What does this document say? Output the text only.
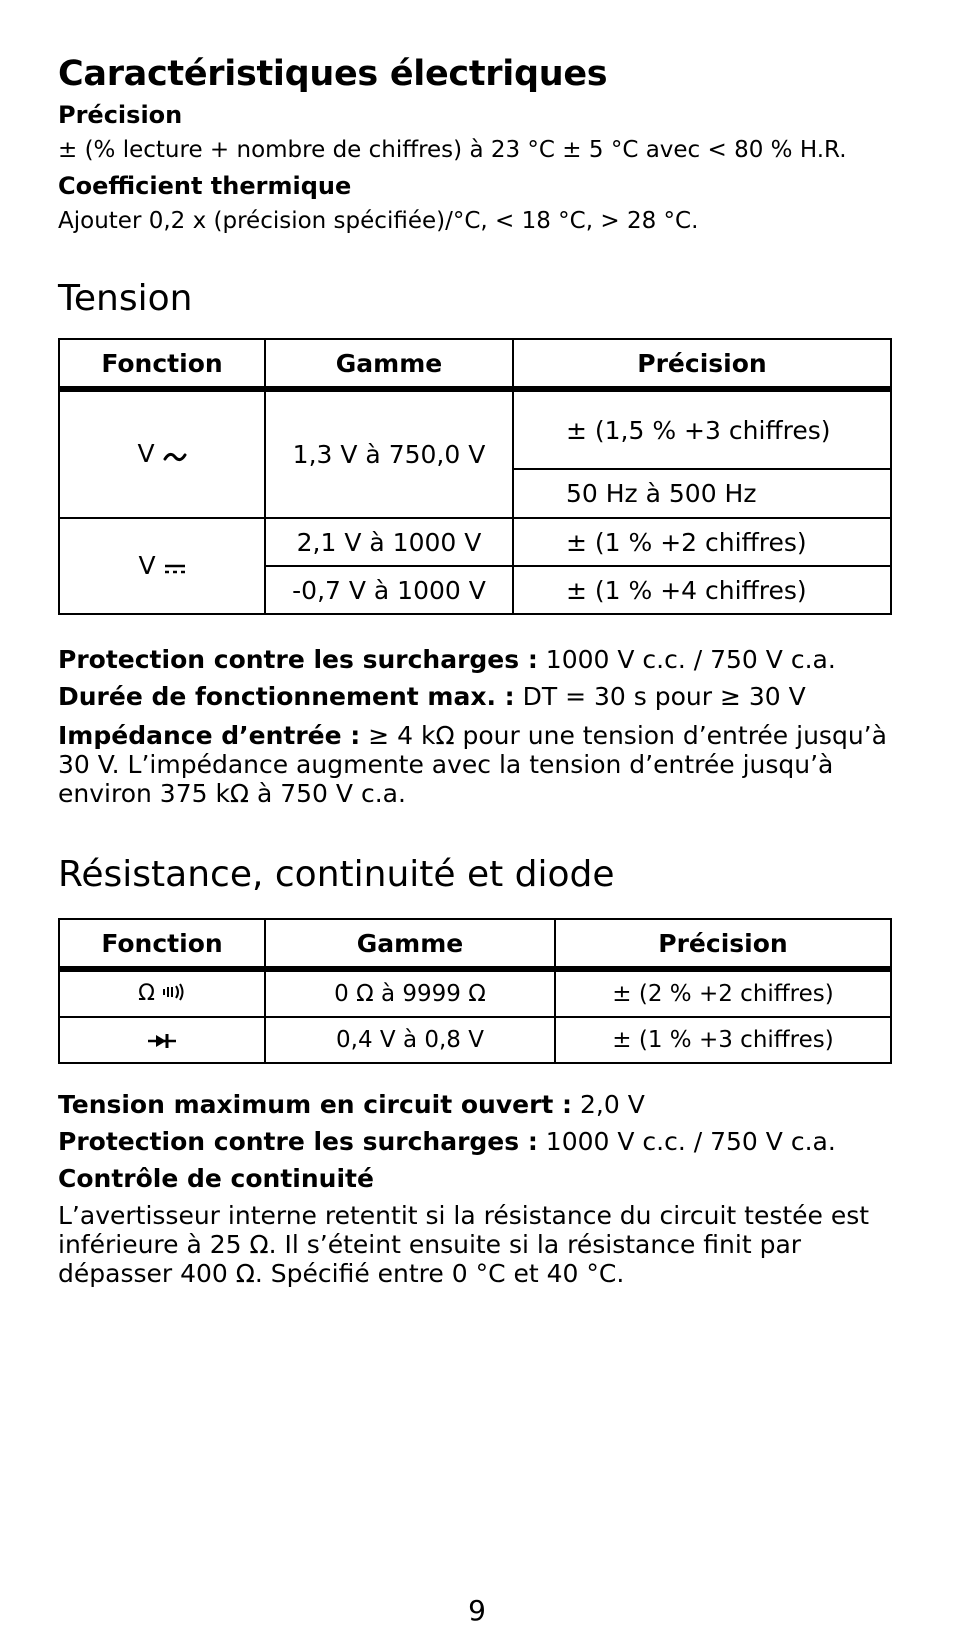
Caractéristiques électriques

Précision

± (% lecture + nombre de chiffres) à 23 °C ± 5 °C avec < 80 % H.R.

Coefficient thermique

Ajouter 0,2 x (précision spécifiée)/°C, < 18 °C, > 28 °C.

Tension
Fonction	Gamme	Précision
V	1,3 V à 750,0 V	± (1,5 % +3 chiffres)
		50 Hz à 500 Hz
V	2,1 V à 1000 V	± (1 % +2 chiffres)
	-0,7 V à 1000 V	± (1 % +4 chiffres)

Protection contre les surcharges : 1000 V c.c. / 750 V c.a.

Durée de fonctionnement max. : DT = 30 s pour ≥ 30 V

Impédance d’entrée : ≥ 4 kΩ pour une tension d’entrée jusqu’à 30 V. L’impédance augmente avec la tension d’entrée jusqu’à environ 375 kΩ à 750 V c.a.

Résistance, continuité et diode
Fonction	Gamme	Précision
Ω	0 Ω à 9999 Ω	± (2 % +2 chiffres)
	0,4 V à 0,8 V	± (1 % +3 chiffres)

Tension maximum en circuit ouvert : 2,0 V

Protection contre les surcharges : 1000 V c.c. / 750 V c.a.

Contrôle de continuité

L’avertisseur interne retentit si la résistance du circuit testée est inférieure à 25 Ω. Il s’éteint ensuite si la résistance finit par dépasser 400 Ω. Spécifié entre 0 °C et 40 °C.

9
